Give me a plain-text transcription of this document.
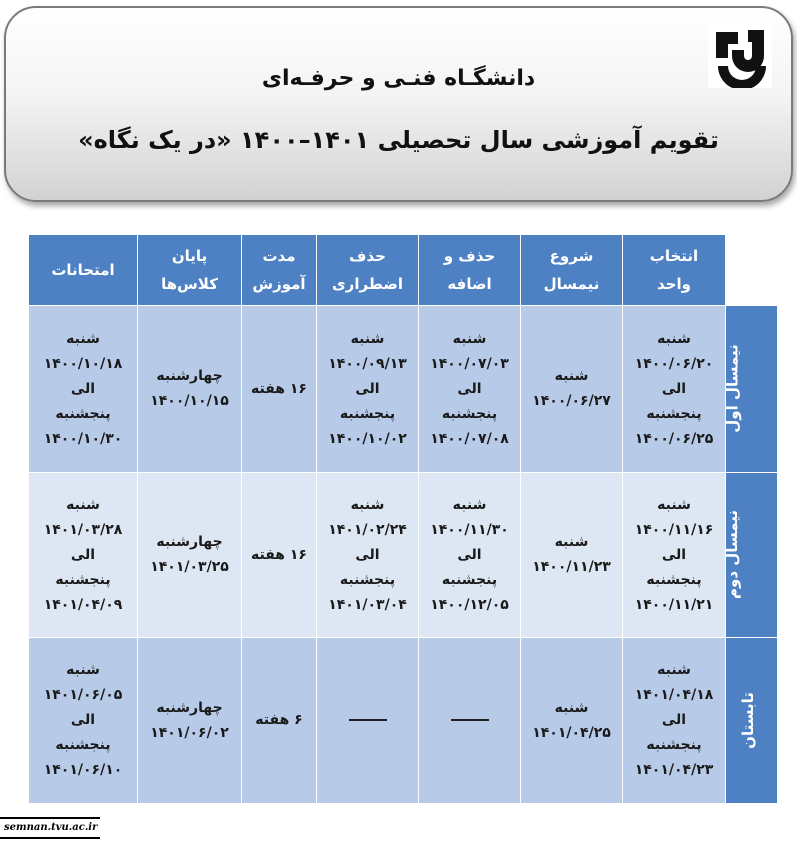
دانشگـاه فنـی و حرفـه‌ای
تقویم آموزشی سال تحصیلی ۱۴۰۱–۱۴۰۰ «در یک نگاه»

	انتخاب
واحد	شروع
نیمسال	حذف و
اضافه	حذف
اضطراری	مدت
آموزش	پایان
کلاس‌ها	امتحانات

نیمسال اول	شنبه
۱۴۰۰/۰۶/۲۰
الی
پنجشنبه
۱۴۰۰/۰۶/۲۵	شنبه
۱۴۰۰/۰۶/۲۷	شنبه
۱۴۰۰/۰۷/۰۳
الی
پنجشنبه
۱۴۰۰/۰۷/۰۸	شنبه
۱۴۰۰/۰۹/۱۳
الی
پنجشنبه
۱۴۰۰/۱۰/۰۲	۱۶ هفته	چهارشنبه
۱۴۰۰/۱۰/۱۵	شنبه
۱۴۰۰/۱۰/۱۸
الی
پنجشنبه
۱۴۰۰/۱۰/۳۰

نیمسال دوم	شنبه
۱۴۰۰/۱۱/۱۶
الی
پنجشنبه
۱۴۰۰/۱۱/۲۱	شنبه
۱۴۰۰/۱۱/۲۳	شنبه
۱۴۰۰/۱۱/۳۰
الی
پنجشنبه
۱۴۰۰/۱۲/۰۵	شنبه
۱۴۰۱/۰۲/۲۴
الی
پنجشنبه
۱۴۰۱/۰۳/۰۴	۱۶ هفته	چهارشنبه
۱۴۰۱/۰۳/۲۵	شنبه
۱۴۰۱/۰۳/۲۸
الی
پنجشنبه
۱۴۰۱/۰۴/۰۹

تابستان	شنبه
۱۴۰۱/۰۴/۱۸
الی
پنجشنبه
۱۴۰۱/۰۴/۲۳	شنبه
۱۴۰۱/۰۴/۲۵			۶ هفته	چهارشنبه
۱۴۰۱/۰۶/۰۲	شنبه
۱۴۰۱/۰۶/۰۵
الی
پنجشنبه
۱۴۰۱/۰۶/۱۰
semnan.tvu.ac.ir
